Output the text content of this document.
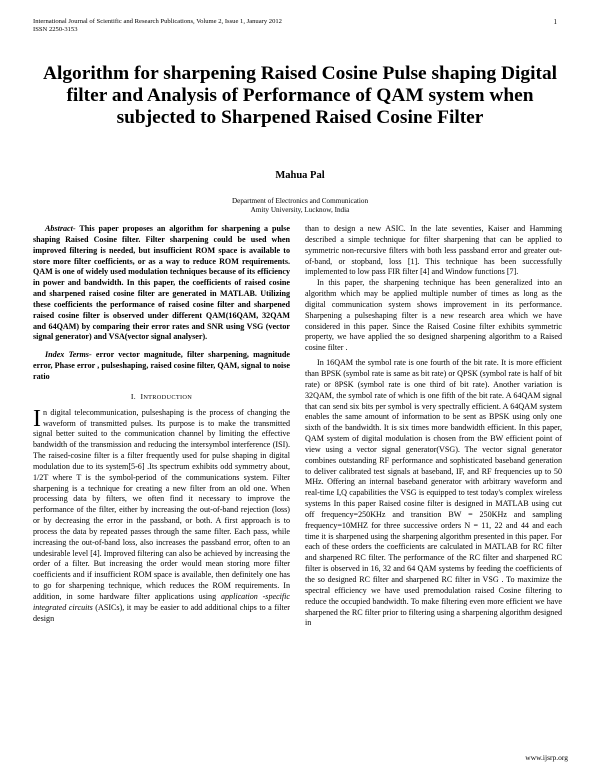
International Journal of Scientific and Research Publications, Volume 2, Issue 1, January 2012
ISSN 2250-3153
1
Algorithm for sharpening Raised Cosine Pulse shaping Digital filter and Analysis of Performance of QAM system when subjected to Sharpened Raised Cosine Filter
Mahua Pal
Department of Electronics and Communication
Amity University, Lucknow, India

Abstract- This paper proposes an algorithm for sharpening a pulse shaping Raised Cosine filter. Filter sharpening could be used when improved filtering is needed, but insufficient ROM space is available to store more filter coefficients, or as a way to reduce ROM requirements. QAM is one of widely used modulation techniques because of its efficiency in power and bandwidth. In this paper, the coefficients of raised cosine and sharpened raised cosine filter are generated in MATLAB. Utilizing these coefficients the performance of raised cosine filter and sharpened raised cosine filter is observed under different QAM(16QAM, 32QAM and 64QAM) by comparing their error rates and SNR using VSG (vector signal generator) and VSA(vector signal analyser).

Index Terms- error vector magnitude, filter sharpening, magnitude error, Phase error , pulseshaping, raised cosine filter, QAM, signal to noise ratio

I. INTRODUCTION

In digital telecommunication, pulseshaping is the process of changing the waveform of transmitted pulses. Its purpose is to make the transmitted signal better suited to the communication channel by limiting the effective bandwidth of the transmission and reducing the intersymbol interference (ISI). The raised-cosine filter is a filter frequently used for pulse shaping in digital modulation due to its system[5-6] .Its spectrum exhibits odd symmetry about, 1/2T where T is the symbol-period of the communications system. Filter sharpening is a technique for creating a new filter from an old one. When processing data by filters, we often find it necessary to improve the performance of the filter, either by increasing the out-of-band rejection (loss) or by decreasing the error in the passband, or both. A first approach is to process the data by repeated passes through the same filter. Each pass, while increasing the out-of-band loss, also increases the passband error, often to an undesirable level [4]. Improved filtering can also be achieved by increasing the order of a filter. But increasing the order would mean storing more filter coefficients and if insufficient ROM space is available, then definitely one has to go for sharpening technique, which reduces the ROM requirements. In addition, in some hardware filter applications using application -specific integrated circuits (ASICs), it may be easier to add additional chips to a filter design

than to design a new ASIC. In the late seventies, Kaiser and Hamming described a simple technique for filter sharpening that can be applied to symmetric non-recursive filters with both less passband error and greater out-of-band, or stopband, loss [1]. This technique has been successfully implemented to low pass FIR filter [4] and Window functions [7].

In this paper, the sharpening technique has been generalized into an algorithm which may be applied multiple number of times as long as the digital communication system shows improvement in its performance. Sharpening a pulseshaping filter is a new research area which we have considered in this paper. Since the Raised Cosine filter exhibits symmetric property, we have applied the so designed sharpening algorithm to a Raised cosine filter .

In 16QAM the symbol rate is one fourth of the bit rate. It is more efficient than BPSK (symbol rate is same as bit rate) or QPSK (symbol rate is half of bit rate) or 8PSK (symbol rate is one third of bit rate). Another variation is 32QAM, the symbol rate of which is one fifth of the bit rate. A 64QAM signal that can send six bits per symbol is very spectrally efficient. A 64QAM system enables the same amount of information to be sent as BPSK using only one sixth of the bandwidth. It is six times more bandwidth efficient. In this paper, QAM system of digital modulation is chosen from the BW efficient point of view using a vector signal generator(VSG). The vector signal generator combines outstanding RF performance and sophisticated baseband generation to deliver calibrated test signals at baseband, IF, and RF frequencies up to 50 MHz. Offering an internal baseband generator with arbitrary waveform and real-time I,Q capabilities the VSG is equipped to test today's complex wireless systems In this paper Raised cosine filter is designed in MATLAB using cut off frequency=250KHz and transition BW = 250KHz and sampling frequency=10MHZ for three successive orders N = 11, 22 and 44 and each time it is sharpened using the sharpening algorithm presented in this paper. For each of these orders the coefficients are calculated in MATLAB for RC filter and sharpened RC filter. The performance of the RC filter and sharpened RC filter is observed in 16, 32 and 64 QAM systems by feeding the coefficients of the so designed RC filter and sharpened RC filter in VSG . To maximize the spectral efficiency we have used premodulation raised Cosine filtering to reduce the occupied bandwidth. To make filtering even more efficient we have sharpened the RC filter prior to filtering using a sharpening algorithm designed in

www.ijsrp.org
